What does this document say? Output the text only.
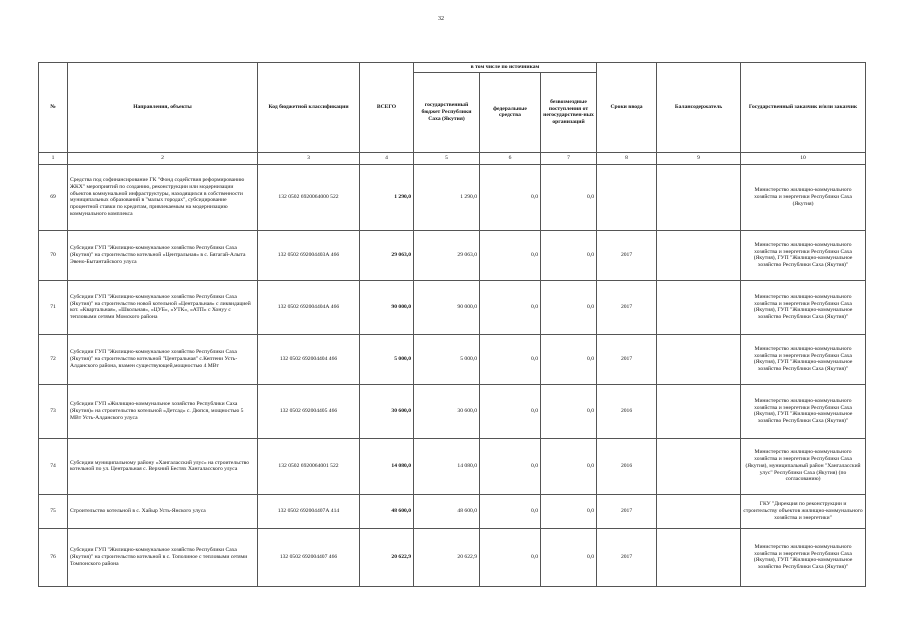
32
№	Направления, объекты	Код бюджетной классификации	ВСЕГО	в том числе по источникам			Сроки ввода	Балансодержатель	Государственный заказчик и/или заказчик
				государственный бюджет Республики Саха (Якутия)	федеральные средства	безвозмездные поступления от негосударствен-ных организаций			
1	2	3	4	5	6	7	8	9	10
69	Средства под софинансирование ГК "Фонд содействия реформированию ЖКХ" мероприятий по созданию, реконструкции или модернизации объектов коммунальной инфраструктуры, находящихся в собственности муниципальных образований в "малых городах", субсидирование процентной ставки по кредитам, привлекаемым на модернизацию коммунального комплекса	132 0502 6920064000 522	1 290,0	1 290,0	0,0	0,0			Министерство жилищно-коммунального хозяйства и энергетики Республики Саха (Якутия)
70	Субсидии ГУП "Жилищно-коммунальное хозяйство Республики Саха (Якутия)" на строительство котельной «Центральная» в с. Бягагай-Алыта Эвено-Бытантайского улуса	132 0502 692004403А 466	29 063,0	29 063,0	0,0	0,0	2017		Министерство жилищно-коммунального хозяйства и энергетики Республики Саха (Якутия), ГУП "Жилищно-коммунальное хозяйство Республики Саха (Якутия)"
71	Субсидии ГУП "Жилищно-коммунальное хозяйство Республики Саха (Якутия)" на строительство новой котельной «Центральная» с ликвидацией кот. «Квартальная», «Школьная», «ЦУБ», «УТК», «АТП» с Хонуу с тепловыми сетями Момского района	132 0502 692004404А 466	90 000,0	90 000,0	0,0	0,0	2017		Министерство жилищно-коммунального хозяйства и энергетики Республики Саха (Якутия), ГУП "Жилищно-коммунальное хозяйство Республики Саха (Якутия)"
72	Субсидии ГУП "Жилищно-коммунальное хозяйство Республики Саха (Якутия)" на строительство котельной "Центральная" с.Кептени Усть-Алданского района, взамен существующей,мощностью 4 МВт	132 0502 692004404 466	5 000,0	5 000,0	0,0	0,0	2017		Министерство жилищно-коммунального хозяйства и энергетики Республики Саха (Якутия), ГУП "Жилищно-коммунальное хозяйство Республики Саха (Якутия)"
73	Субсидии ГУП «Жилищно-коммунальное хозяйство Республики Саха (Якутия)» на строительство котельной «Детсад» с. Дюпся, мощностью 5 МВт Усть-Алданского улуса	132 0502 692004405 466	30 600,0	30 600,0	0,0	0,0	2016		Министерство жилищно-коммунального хозяйства и энергетики Республики Саха (Якутия), ГУП "Жилищно-коммунальное хозяйство Республики Саха (Якутия)"
74	Субсидии муниципальному району «Хангаласский улус» на строительство котельной по ул. Центральная с. Верхний Бестях Хангаласского улуса	132 0502 6920064001 522	14 080,0	14 080,0	0,0	0,0	2016		Министерство жилищно-коммунального хозяйства и энергетики Республики Саха (Якутия), муниципальный район "Хангаласский улус" Республики Саха (Якутия) (по согласованию)
75	Строительство котельной в с. Хайыр Усть-Янского улуса	132 0502 692004407А 414	48 600,0	48 600,0	0,0	0,0	2017		ГКУ "Дирекция по реконструкции и строительству объектов жилищно-коммунального хозяйства и энергетики"
76	Субсидии ГУП "Жилищно-коммунальное хозяйство Республики Саха (Якутия)" на строительство котельной в с. Тополиное с тепловыми сетями Томпонского района	132 0502 692004407 466	20 622,9	20 622,9	0,0	0,0	2017		Министерство жилищно-коммунального хозяйства и энергетики Республики Саха (Якутия), ГУП "Жилищно-коммунальное хозяйство Республики Саха (Якутия)"
